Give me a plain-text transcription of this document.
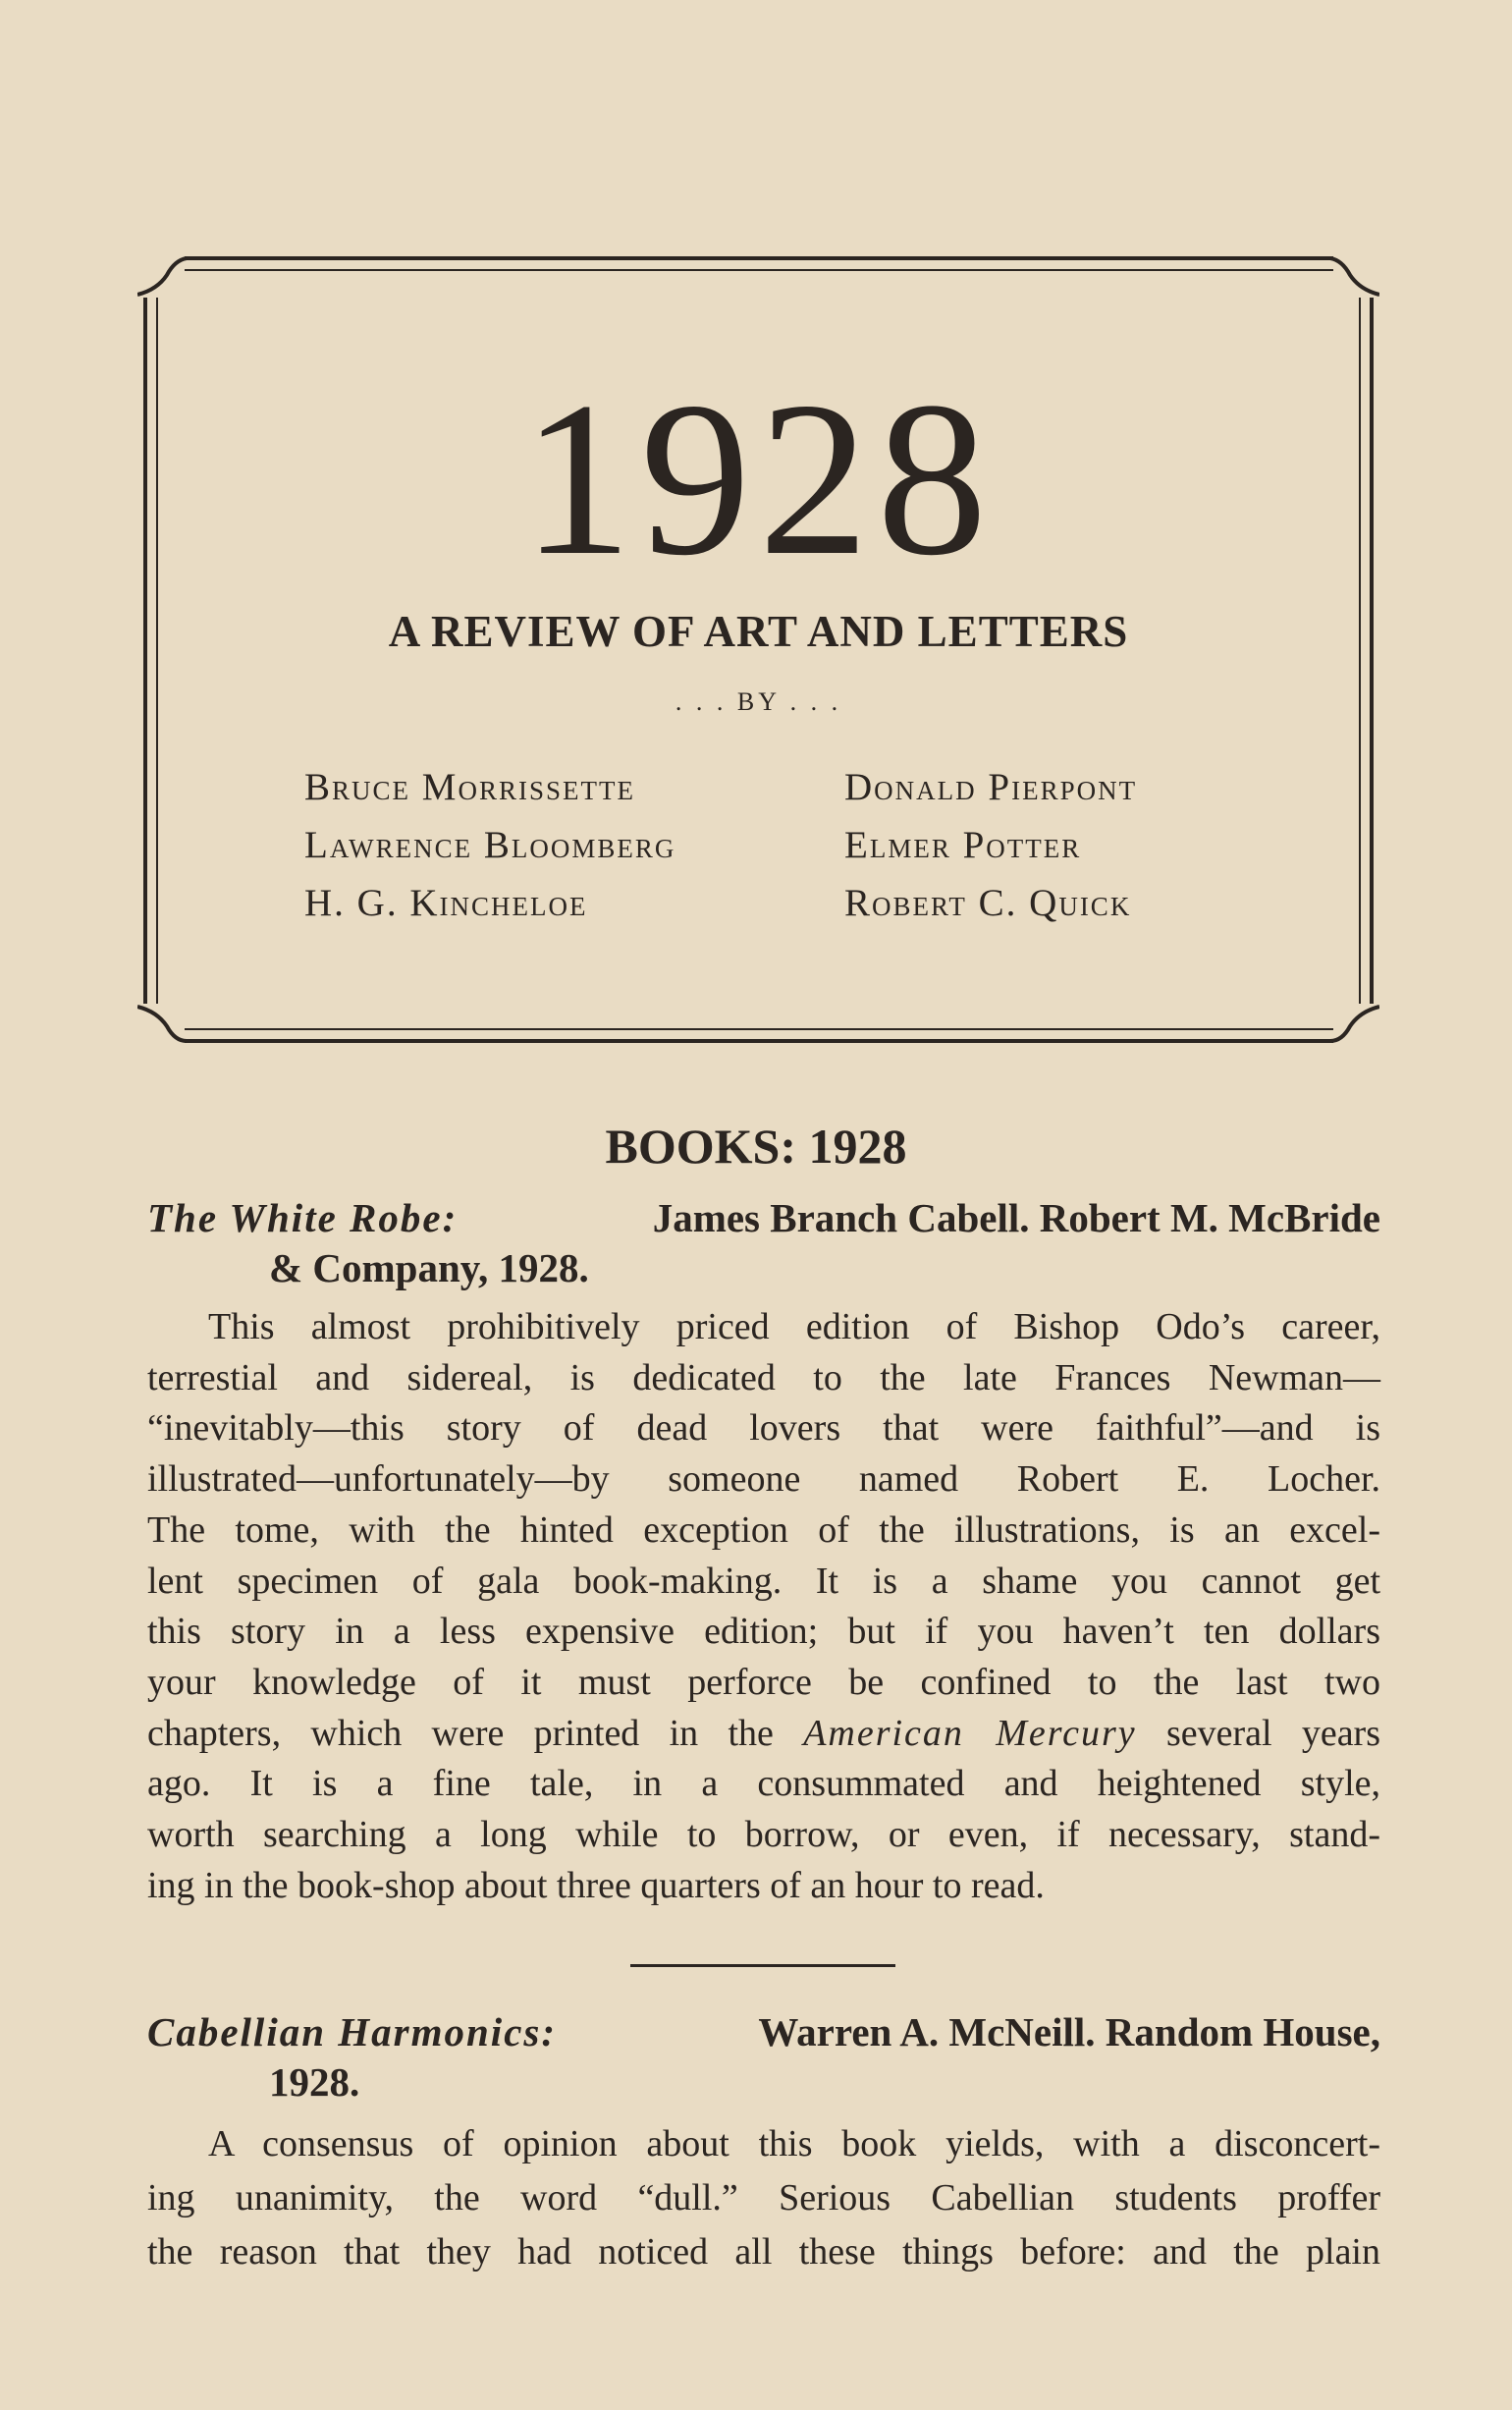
1928
A REVIEW OF ART AND LETTERS
. . . BY . . .
Bruce Morrissette
Lawrence Bloomberg
H. G. Kincheloe
Donald Pierpont
Elmer Potter
Robert C. Quick
BOOKS: 1928
The White Robe:	James Branch Cabell. Robert M. McBride
& Company, 1928.
This almost prohibitively priced edition of Bishop Odo’s career,
terrestial and sidereal, is dedicated to the late Frances Newman—
“inevitably—this story of dead lovers that were faithful”—and is
illustrated—unfortunately—by someone named Robert E. Locher.
The tome, with the hinted exception of the illustrations, is an excel-
lent specimen of gala book-making. It is a shame you cannot get
this story in a less expensive edition; but if you haven’t ten dollars
your knowledge of it must perforce be confined to the last two
chapters, which were printed in the American Mercury several years
ago. It is a fine tale, in a consummated and heightened style,
worth searching a long while to borrow, or even, if necessary, stand-
ing in the book-shop about three quarters of an hour to read.
Cabellian Harmonics:	Warren A. McNeill. Random House,
1928.
A consensus of opinion about this book yields, with a disconcert-
ing unanimity, the word “dull.” Serious Cabellian students proffer
the reason that they had noticed all these things before: and the plain
